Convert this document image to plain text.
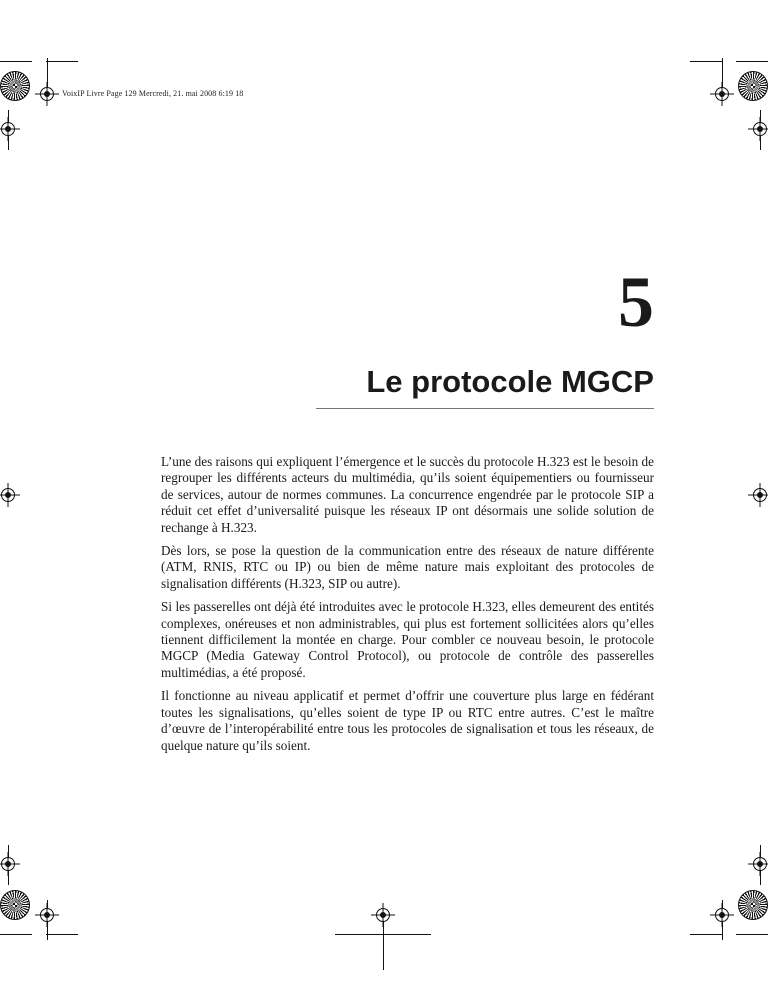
VoixIP Livre Page 129 Mercredi, 21. mai 2008 6:19 18
5
Le protocole MGCP

L’une des raisons qui expliquent l’émergence et le succès du protocole H.323 est le besoin de regrouper les différents acteurs du multimédia, qu’ils soient équipementiers ou fournisseur de services, autour de normes communes. La concurrence engendrée par le protocole SIP a réduit cet effet d’universalité puisque les réseaux IP ont désormais une solide solution de rechange à H.323.

Dès lors, se pose la question de la communication entre des réseaux de nature différente (ATM, RNIS, RTC ou IP) ou bien de même nature mais exploitant des protocoles de signalisation différents (H.323, SIP ou autre).

Si les passerelles ont déjà été introduites avec le protocole H.323, elles demeurent des entités complexes, onéreuses et non administrables, qui plus est fortement sollicitées alors qu’elles tiennent difficilement la montée en charge. Pour combler ce nouveau besoin, le protocole MGCP (Media Gateway Control Protocol), ou protocole de contrôle des passerelles multimédias, a été proposé.

Il fonctionne au niveau applicatif et permet d’offrir une couverture plus large en fédérant toutes les signalisations, qu’elles soient de type IP ou RTC entre autres. C’est le maître d’œuvre de l’interopérabilité entre tous les protocoles de signalisation et tous les réseaux, de quelque nature qu’ils soient.
